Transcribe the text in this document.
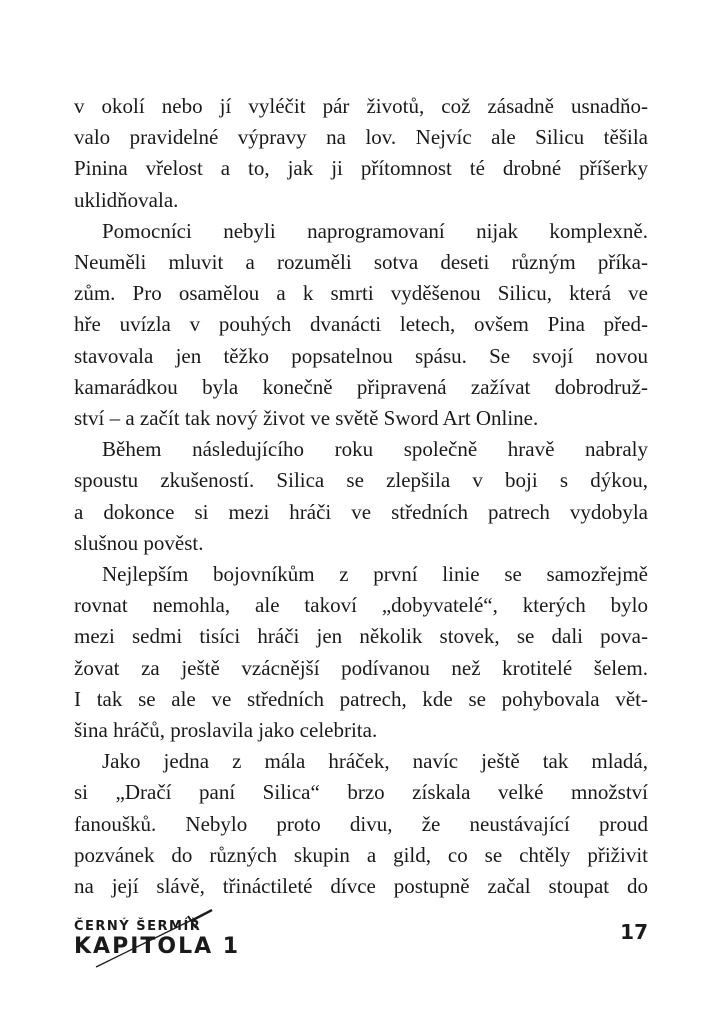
v okolí nebo jí vyléčit pár životů, což zásadně usnadňo-
valo pravidelné výpravy na lov. Nejvíc ale Silicu těšila
Pinina vřelost a to, jak ji přítomnost té drobné příšerky
uklidňovala.

Pomocníci nebyli naprogramovaní nijak komplexně.
Neuměli mluvit a rozuměli sotva deseti různým příka-
zům. Pro osamělou a k smrti vyděšenou Silicu, která ve
hře uvízla v pouhých dvanácti letech, ovšem Pina před-
stavovala jen těžko popsatelnou spásu. Se svojí novou
kamarádkou byla konečně připravená zažívat dobrodruž-
ství – a začít tak nový život ve světě Sword Art Online.

Během následujícího roku společně hravě nabraly
spoustu zkušeností. Silica se zlepšila v boji s dýkou,
a dokonce si mezi hráči ve středních patrech vydobyla
slušnou pověst.

Nejlepším bojovníkům z první linie se samozřejmě
rovnat nemohla, ale takoví „dobyvatelé“, kterých bylo
mezi sedmi tisíci hráči jen několik stovek, se dali pova-
žovat za ještě vzácnější podívanou než krotitelé šelem.
I tak se ale ve středních patrech, kde se pohybovala vět-
šina hráčů, proslavila jako celebrita.

Jako jedna z mála hráček, navíc ještě tak mladá,
si „Dračí paní Silica“ brzo získala velké množství
fanoušků. Nebylo proto divu, že neustávající proud
pozvánek do různých skupin a gild, co se chtěly přiživit
na její slávě, třináctileté dívce postupně začal stoupat do

ČERNÝ ŠERMÍŘ
KAPITOLA 1
17
